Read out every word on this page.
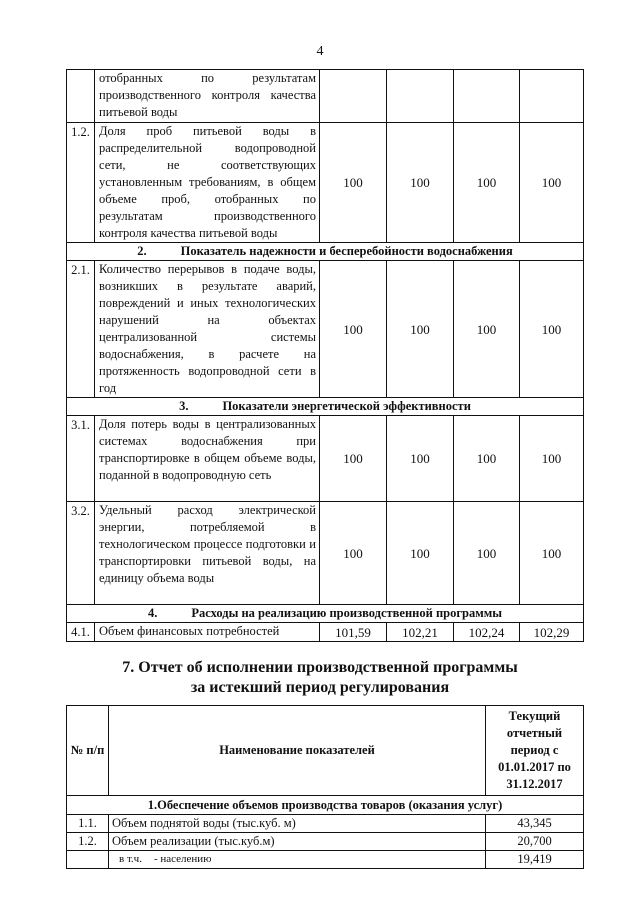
4
	отобранных по результатам производственного контроля качества питьевой воды				
1.2.	Доля проб питьевой воды в распределительной водопроводной сети, не соответствующих установленным требованиям, в общем объеме проб, отобранных по результатам производственного контроля качества питьевой воды	100	100	100	100
2. Показатель надежности и бесперебойности водоснабжения					
2.1.	Количество перерывов в подаче воды, возникших в результате аварий, повреждений и иных технологических нарушений на объектах централизованной системы водоснабжения, в расчете на протяженность водопроводной сети в год	100	100	100	100
3. Показатели энергетической эффективности					
3.1.	Доля потерь воды в централизованных системах водоснабжения при транспортировке в общем объеме воды, поданной в водопроводную сеть	100	100	100	100
3.2.	Удельный расход электрической энергии, потребляемой в технологическом процессе подготовки и транспортировки питьевой воды, на единицу объема воды	100	100	100	100
4. Расходы на реализацию производственной программы					
4.1.	Объем финансовых потребностей	101,59	102,21	102,24	102,29
7. Отчет об исполнении производственной программы
за истекший период регулирования
№ п/п	Наименование показателей	Текущий отчетный период с 01.01.2017 по 31.12.2017
1.Обеспечение объемов производства товаров (оказания услуг)		
1.1.	Объем поднятой воды (тыс.куб. м)	43,345
1.2.	Объем реализации (тыс.куб.м)	20,700
	в т.ч. - населению	19,419
